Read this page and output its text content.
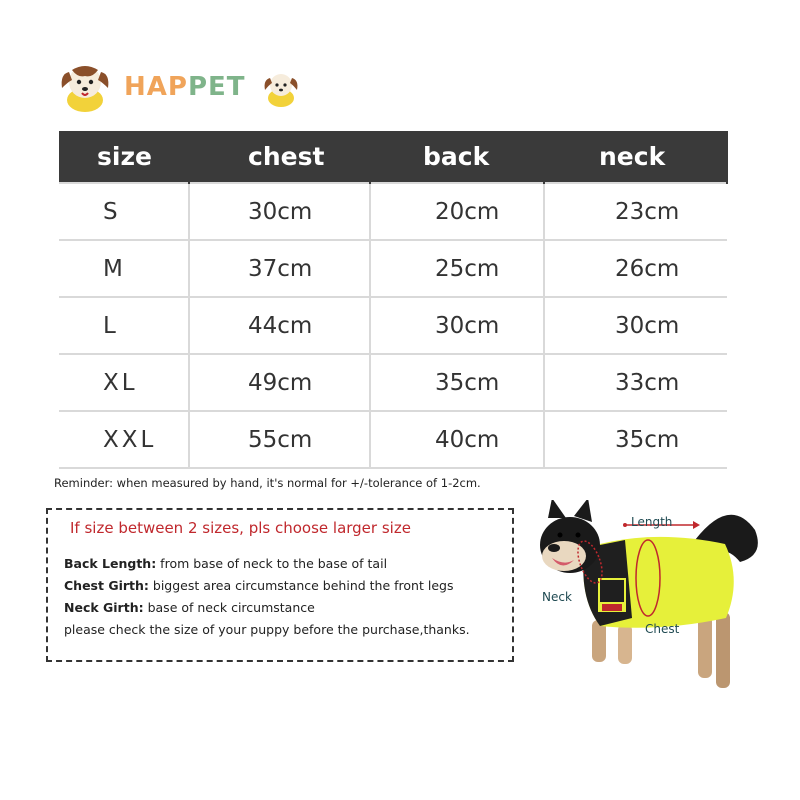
HAPPET
size	chest	back	neck
S	30cm	20cm	23cm
M	37cm	25cm	26cm
L	44cm	30cm	30cm
XL	49cm	35cm	33cm
XXL	55cm	40cm	35cm
Reminder: when measured by hand, it's normal for +/-tolerance of 1-2cm.
If size between 2 sizes, pls choose larger size
Back Length: from base of neck to the base of tail
Chest Girth: biggest area circumstance behind the front legs
Neck Girth: base of neck circumstance
please check the size of your puppy before the purchase,thanks.
Length
Neck
Chest
